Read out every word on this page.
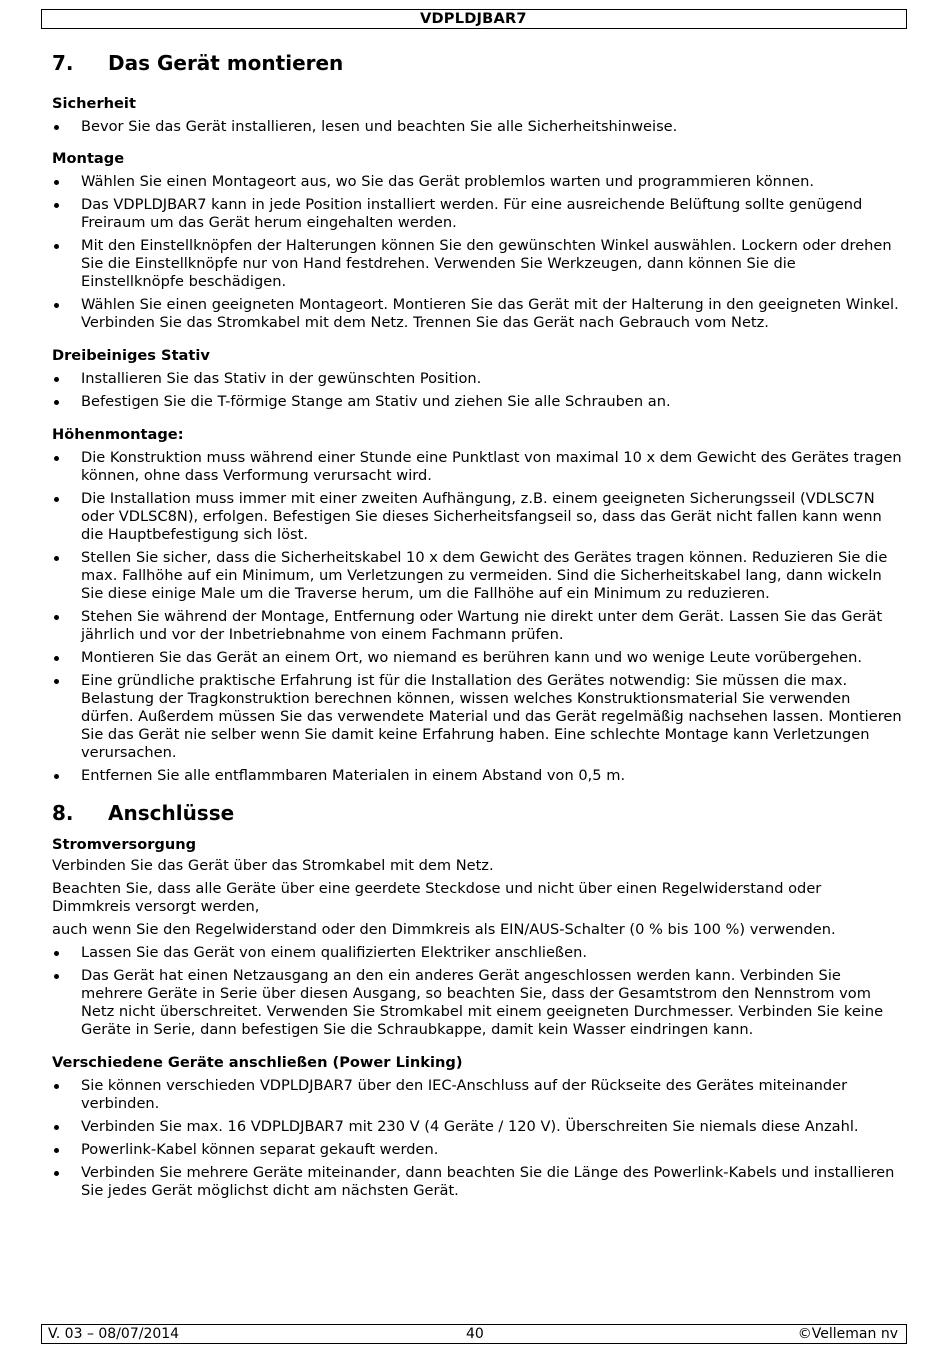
VDPLDJBAR7
7. Das Gerät montieren
Sicherheit
Bevor Sie das Gerät installieren, lesen und beachten Sie alle Sicherheitshinweise.
Montage
Wählen Sie einen Montageort aus, wo Sie das Gerät problemlos warten und programmieren können.
Das VDPLDJBAR7 kann in jede Position installiert werden. Für eine ausreichende Belüftung sollte genügend Freiraum um das Gerät herum eingehalten werden.
Mit den Einstellknöpfen der Halterungen können Sie den gewünschten Winkel auswählen. Lockern oder drehen Sie die Einstellknöpfe nur von Hand festdrehen. Verwenden Sie Werkzeugen, dann können Sie die Einstellknöpfe beschädigen.
Wählen Sie einen geeigneten Montageort. Montieren Sie das Gerät mit der Halterung in den geeigneten Winkel. Verbinden Sie das Stromkabel mit dem Netz. Trennen Sie das Gerät nach Gebrauch vom Netz.
Dreibeiniges Stativ
Installieren Sie das Stativ in der gewünschten Position.
Befestigen Sie die T-förmige Stange am Stativ und ziehen Sie alle Schrauben an.
Höhenmontage:
Die Konstruktion muss während einer Stunde eine Punktlast von maximal 10 x dem Gewicht des Gerätes tragen können, ohne dass Verformung verursacht wird.
Die Installation muss immer mit einer zweiten Aufhängung, z.B. einem geeigneten Sicherungsseil (VDLSC7N oder VDLSC8N), erfolgen. Befestigen Sie dieses Sicherheitsfangseil so, dass das Gerät nicht fallen kann wenn die Hauptbefestigung sich löst.
Stellen Sie sicher, dass die Sicherheitskabel 10 x dem Gewicht des Gerätes tragen können. Reduzieren Sie die max. Fallhöhe auf ein Minimum, um Verletzungen zu vermeiden. Sind die Sicherheitskabel lang, dann wickeln Sie diese einige Male um die Traverse herum, um die Fallhöhe auf ein Minimum zu reduzieren.
Stehen Sie während der Montage, Entfernung oder Wartung nie direkt unter dem Gerät. Lassen Sie das Gerät jährlich und vor der Inbetriebnahme von einem Fachmann prüfen.
Montieren Sie das Gerät an einem Ort, wo niemand es berühren kann und wo wenige Leute vorübergehen.
Eine gründliche praktische Erfahrung ist für die Installation des Gerätes notwendig: Sie müssen die max. Belastung der Tragkonstruktion berechnen können, wissen welches Konstruktionsmaterial Sie verwenden dürfen. Außerdem müssen Sie das verwendete Material und das Gerät regelmäßig nachsehen lassen. Montieren Sie das Gerät nie selber wenn Sie damit keine Erfahrung haben. Eine schlechte Montage kann Verletzungen verursachen.
Entfernen Sie alle entflammbaren Materialen in einem Abstand von 0,5 m.
8. Anschlüsse
Stromversorgung

Verbinden Sie das Gerät über das Stromkabel mit dem Netz.

Beachten Sie, dass alle Geräte über eine geerdete Steckdose und nicht über einen Regelwiderstand oder Dimmkreis versorgt werden,

auch wenn Sie den Regelwiderstand oder den Dimmkreis als EIN/AUS-Schalter (0 % bis 100 %) verwenden.

Lassen Sie das Gerät von einem qualifizierten Elektriker anschließen.
Das Gerät hat einen Netzausgang an den ein anderes Gerät angeschlossen werden kann. Verbinden Sie mehrere Geräte in Serie über diesen Ausgang, so beachten Sie, dass der Gesamtstrom den Nennstrom vom Netz nicht überschreitet. Verwenden Sie Stromkabel mit einem geeigneten Durchmesser. Verbinden Sie keine Geräte in Serie, dann befestigen Sie die Schraubkappe, damit kein Wasser eindringen kann.
Verschiedene Geräte anschließen (Power Linking)
Sie können verschieden VDPLDJBAR7 über den IEC-Anschluss auf der Rückseite des Gerätes miteinander verbinden.
Verbinden Sie max. 16 VDPLDJBAR7 mit 230 V (4 Geräte / 120 V). Überschreiten Sie niemals diese Anzahl.
Powerlink-Kabel können separat gekauft werden.
Verbinden Sie mehrere Geräte miteinander, dann beachten Sie die Länge des Powerlink-Kabels und installieren Sie jedes Gerät möglichst dicht am nächsten Gerät.
V. 03 – 08/07/2014	40	©Velleman nv
